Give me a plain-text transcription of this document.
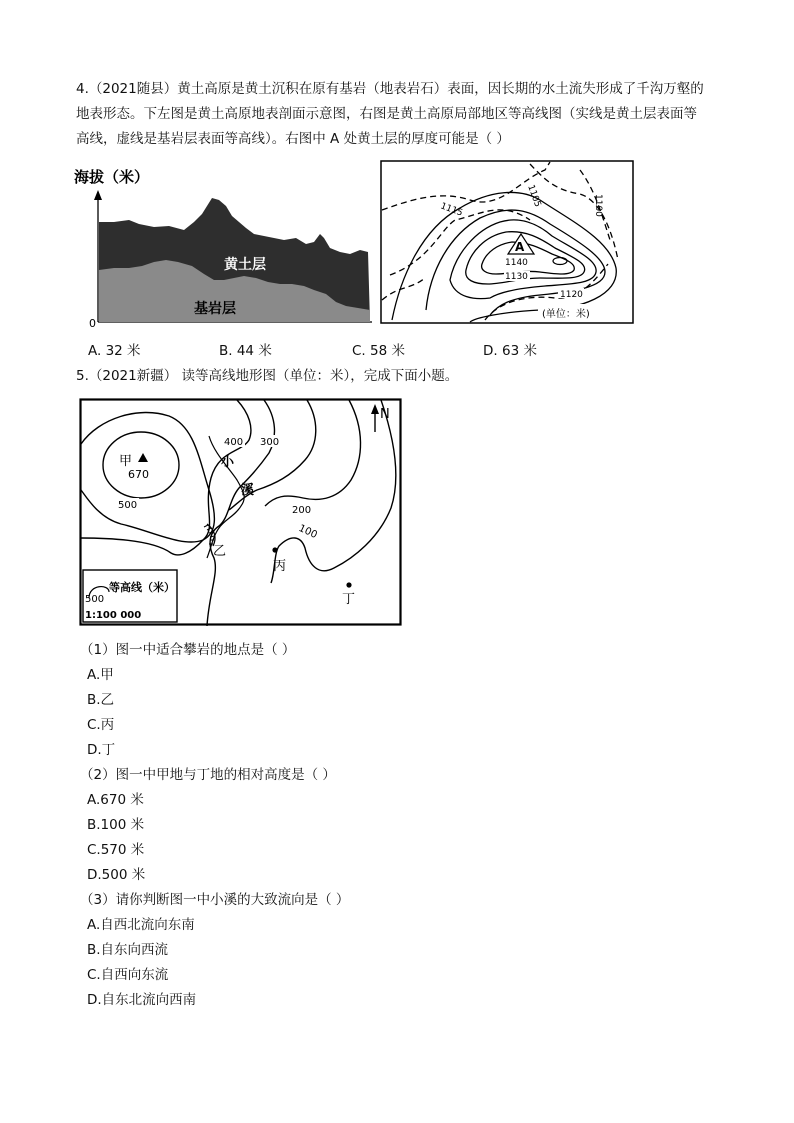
4.（2021随县）黄土高原是黄土沉积在原有基岩（地表岩石）表面，因长期的水土流失形成了千沟万壑的
地表形态。下左图是黄土高原地表剖面示意图，右图是黄土高原局部地区等高线图（实线是黄土层表面等
高线，虚线是基岩层表面等高线）。右图中 A 处黄土层的厚度可能是（ ）
海拔（米）
0
黄土层
基岩层
A
1105	1100
1115
1140
1130
1120
(单位：米)
A. 32 米	B. 44 米	C. 58 米	D. 63 米
5.（2021新疆） 读等高线地形图（单位：米），完成下面小题。
N
甲
670
400 300
200
100
500
小
溪
乙
丙
丁
500
等高线（米）
1:100 000
（1）图一中适合攀岩的地点是（ ）
A.甲
B.乙
C.丙
D.丁
（2）图一中甲地与丁地的相对高度是（ ）
A.670 米
B.100 米
C.570 米
D.500 米
（3）请你判断图一中小溪的大致流向是（ ）
A.自西北流向东南
B.自东向西流
C.自西向东流
D.自东北流向西南
